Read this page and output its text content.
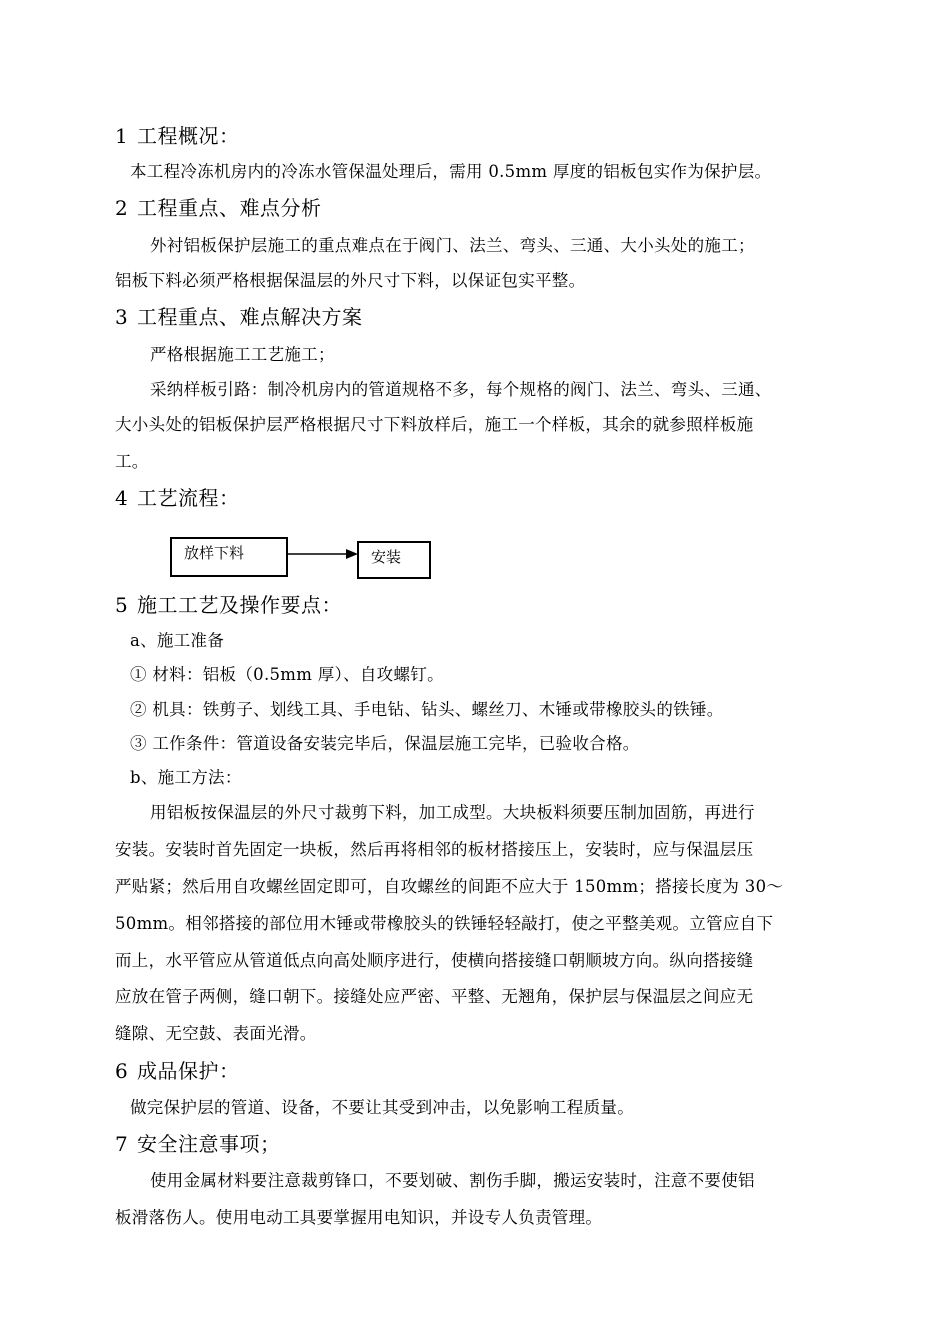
1 工程概况：
本工程冷冻机房内的冷冻水管保温处理后，需用 0.5mm 厚度的铝板包实作为保护层。
2 工程重点、难点分析
外衬铝板保护层施工的重点难点在于阀门、法兰、弯头、三通、大小头处的施工；
铝板下料必须严格根据保温层的外尺寸下料，以保证包实平整。
3 工程重点、难点解决方案
严格根据施工工艺施工；
采纳样板引路：制冷机房内的管道规格不多，每个规格的阀门、法兰、弯头、三通、
大小头处的铝板保护层严格根据尺寸下料放样后，施工一个样板，其余的就参照样板施
工。
4 工艺流程：
放样下料	安装
5 施工工艺及操作要点：
a、施工准备
① 材料：铝板（0.5mm 厚）、自攻螺钉。
② 机具：铁剪子、划线工具、手电钻、钻头、螺丝刀、木锤或带橡胶头的铁锤。
③ 工作条件：管道设备安装完毕后，保温层施工完毕，已验收合格。
b、施工方法：
用铝板按保温层的外尺寸裁剪下料，加工成型。大块板料须要压制加固筋，再进行
安装。安装时首先固定一块板，然后再将相邻的板材搭接压上，安装时，应与保温层压
严贴紧；然后用自攻螺丝固定即可，自攻螺丝的间距不应大于 150mm；搭接长度为 30～
50mm。相邻搭接的部位用木锤或带橡胶头的铁锤轻轻敲打，使之平整美观。立管应自下
而上，水平管应从管道低点向高处顺序进行，使横向搭接缝口朝顺坡方向。纵向搭接缝
应放在管子两侧，缝口朝下。接缝处应严密、平整、无翘角，保护层与保温层之间应无
缝隙、无空鼓、表面光滑。
6 成品保护：
做完保护层的管道、设备，不要让其受到冲击，以免影响工程质量。
7 安全注意事项；
使用金属材料要注意裁剪锋口，不要划破、割伤手脚，搬运安装时，注意不要使铝
板滑落伤人。使用电动工具要掌握用电知识，并设专人负责管理。
